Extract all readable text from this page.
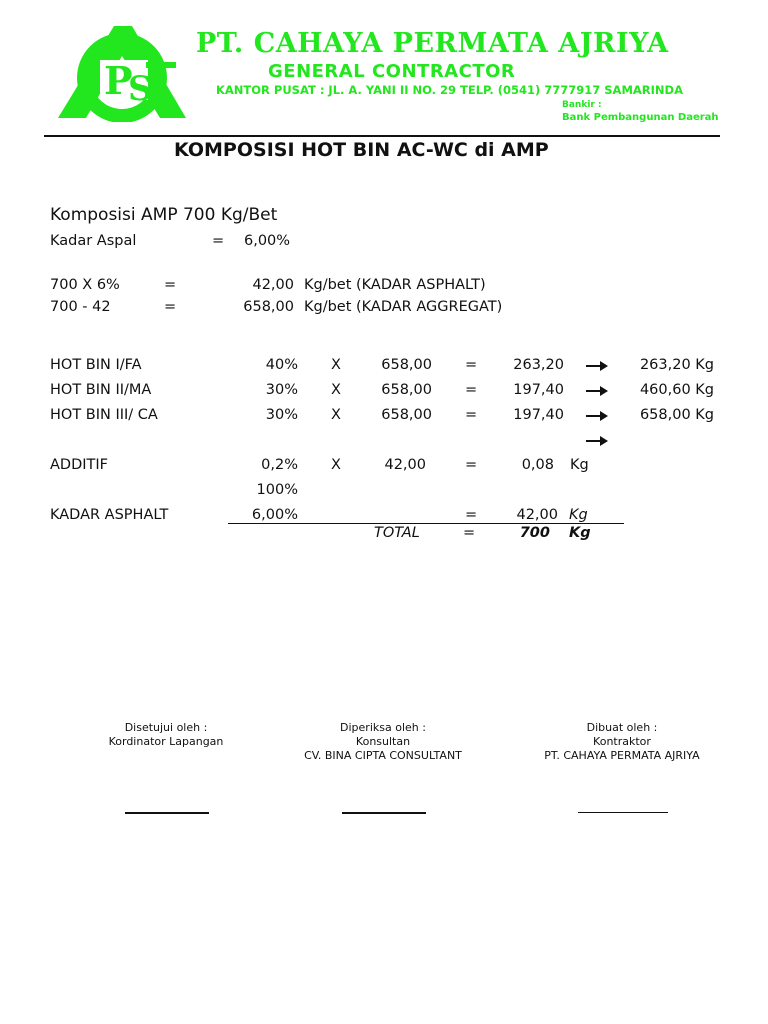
P
S
PT. CAHAYA PERMATA AJRIYA
GENERAL CONTRACTOR
KANTOR PUSAT : JL. A. YANI II NO. 29 TELP. (0541) 7777917 SAMARINDA
Bankir :
Bank Pembangunan Daerah
KOMPOSISI HOT BIN AC-WC di AMP
Komposisi AMP 700 Kg/Bet
Kadar Aspal	= 6,00%
700 X 6%	=	42,00 Kg/bet (KADAR ASPHALT)
700 - 42	=	658,00 Kg/bet (KADAR AGGREGAT)
HOT BIN I/FA	40% X	658,00 =	263,20	263,20 Kg
HOT BIN II/MA	30% X	658,00 =	197,40	460,60 Kg
HOT BIN III/ CA	30% X	658,00 =	197,40	658,00 Kg
ADDITIF	0,2% X	42,00	=	0,08 Kg
100%
KADAR ASPHALT	6,00%	=	42,00 Kg
TOTAL	=	700 Kg
Disetujui oleh :
Kordinator Lapangan
Diperiksa oleh :
Konsultan
CV. BINA CIPTA CONSULTANT
Dibuat oleh :
Kontraktor
PT. CAHAYA PERMATA AJRIYA
